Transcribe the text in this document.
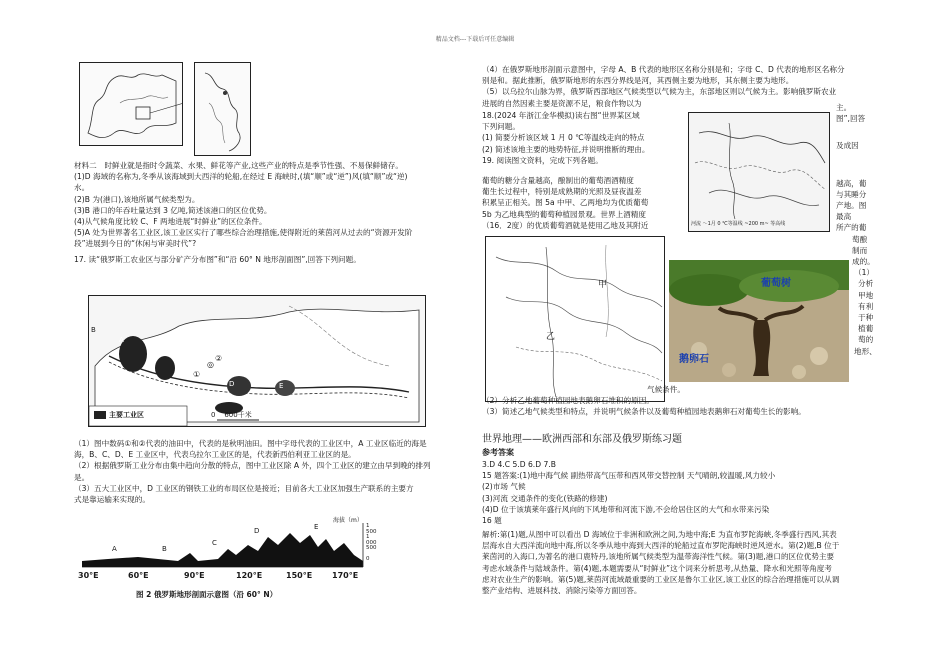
精品文档---下载后可任意编辑
材料二　时鲜业就是指时令蔬菜、水果、鲜花等产业,这些产业的特点是季节性强、不易保鲜储存。
(1)D 海域的名称为,冬季从该海域到大西洋的轮船,在经过 E 海峡时,(填“顺”或“逆”)风(填“顺”或“逆)
水。
(2)B 为(港口),该地所属气候类型为。
(3)B 港口的年吞吐量达到 3 亿吨,简述该港口的区位优势。
(4)从气候角度比较 C、F 两地进展“时鲜业”的区位条件。
(5)A 处为世界著名工业区,该工业区实行了哪些综合治理措施,使得附近的莱茵河从过去的“资源开发阶
段”进展到今日的“休闲与审美时代”?
17. 读“俄罗斯工农业区与部分矿产分布图”和“沿 60° N 地形剖面图”,回答下列问题。
B
A
C
D	E
②
①
◎
主要工业区	0    600千米
（1）图中数码①和②代表的油田中，代表的是秋明油田。图中字母代表的工业区中，A 工业区临近的海是
海，B、C、D、E 工业区中，代表乌拉尔工业区的是，代表新西伯利亚工业区的是。
（2）根据俄罗斯工业分布由集中趋向分散的特点，图中工业区除 A 外，四个工业区的建立由早到晚的排列
是。
（3）五大工业区中，D 工业区的钢铁工业的布局区位是接近；目前各大工业区加强生产联系的主要方
式是靠运输来实现的。
海拔（m）
1 500
1 000
500
0
A	B
C
D	E
30°E	60°E	90°E	120°E	150°E 170°E
图 2 俄罗斯地形剖面示意图（沿 60° N）
（4）在俄罗斯地形剖面示意图中，字母 A、B 代表的地形区名称分别是和；字母 C、D 代表的地形区名称分
别是和。据此推断，俄罗斯地形的东西分界线是河，其西侧主要为地形，其东侧主要为地形。
（5）以乌拉尔山脉为界，俄罗斯西部地区气候类型以气候为主，东部地区则以气候为主。影响俄罗斯农业
进展的自然因素主要是资源不足，粮食作物以为
18.(2024 年浙江金华模拟)读右图“世界某区域
下列问题。
(1) 简要分析该区域 1 月 0 ℃等温线走向的特点
(2) 简述该地主要的地势特征,并说明推断的理由。
19. 阅读图文资料，完成下列各题。
河流 ～1月 0 ℃等温线 ~200 m~ 等高线
主。
图”,回答
及成因
越高，葡
与其睡分
产地。图
最高
所产的葡
萄酿
制而
成的。
（1）
分析
甲地
有利
于种
植葡
萄的
地形、
葡萄的糖分含量越高，酿制出的葡萄酒酒精度
葡生长过程中，特别是成熟期的光照及昼夜温差
积累呈正相关。图 5a 中甲、乙两地均为优质葡萄
5b 为乙地典型的葡萄种植园景观。世界上酒精度
（16．2度）的优质葡萄酒就是使用乙地及其附近
甲
乙
葡萄树
鹅卵石
气候条件。
（2）分析乙地葡萄种植园地表鹅卵石堆积的原因。
（3）简述乙地气候类型和特点，并说明气候条件以及葡萄种植园地表鹅卵石对葡萄生长的影响。
世界地理——欧洲西部和东部及俄罗斯练习题
参考答案
3.D 4.C 5.D 6.D 7.B
15 题答案:(1)地中海气候 副热带高气压带和西风带交替控制 天气晴朗,较温暖,风力较小
(2)市场 气候
(3)河流 交通条件的变化(铁路的修建)
(4)D 位于该填莱年盛行风向的下风地带和河流下游,不会给居住区的大气和水带来污染
16 题
解析:第(1)题,从图中可以看出 D 海域位于非洲和欧洲之间,为地中海;E 为直布罗陀海峡,冬季盛行西风,其表
层海水自大西洋流向地中海,所以冬季从地中海到大西洋的轮船过直布罗陀海峡时逆风逆水。第(2)题,B 位于
莱茵河的入海口,为著名的港口鹿特丹,该地所属气候类型为温带海洋性气候。第(3)题,港口的区位优势主要
考虑水域条件与陆域条件。第(4)题,本题需要从“时鲜业”这个词来分析思考,从热量、降水和光照等角度考
虑对农业生产的影响。第(5)题,莱茵河流域最重要的工业区是鲁尔工业区,该工业区的综合治理措施可以从调
整产业结构、进展科技、消除污染等方面回答。
